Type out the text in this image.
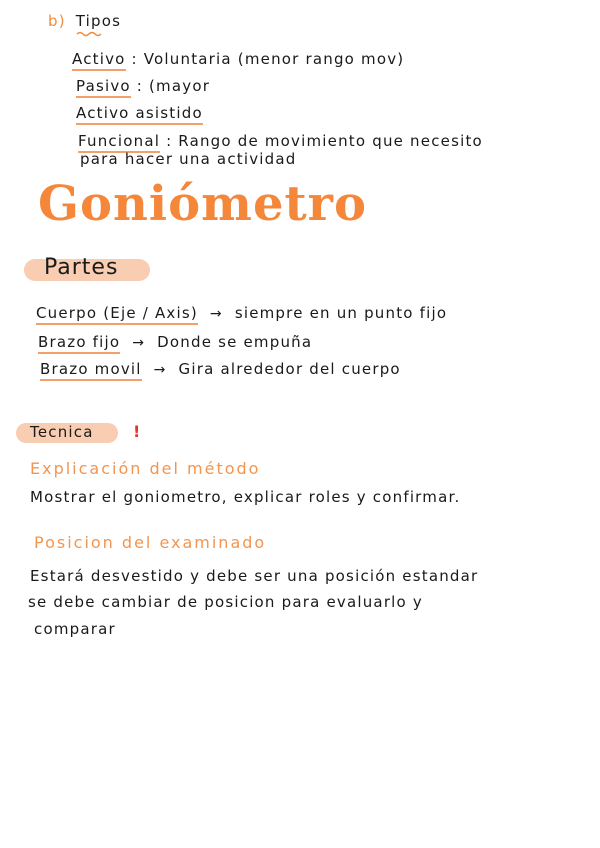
b) Tipos
Activo : Voluntaria (menor rango mov)
Pasivo : (mayor
Activo asistido
Funcional : Rango de movimiento que necesito
para hacer una actividad
Goniómetro
Partes
Cuerpo (Eje / Axis) → siempre en un punto fijo
Brazo fijo → Donde se empuña
Brazo movil → Gira alrededor del cuerpo
Tecnica !
Explicación del método
Mostrar el goniometro, explicar roles y confirmar.
Posicion del examinado
Estará desvestido y debe ser una posición estandar
se debe cambiar de posicion para evaluarlo y
comparar
